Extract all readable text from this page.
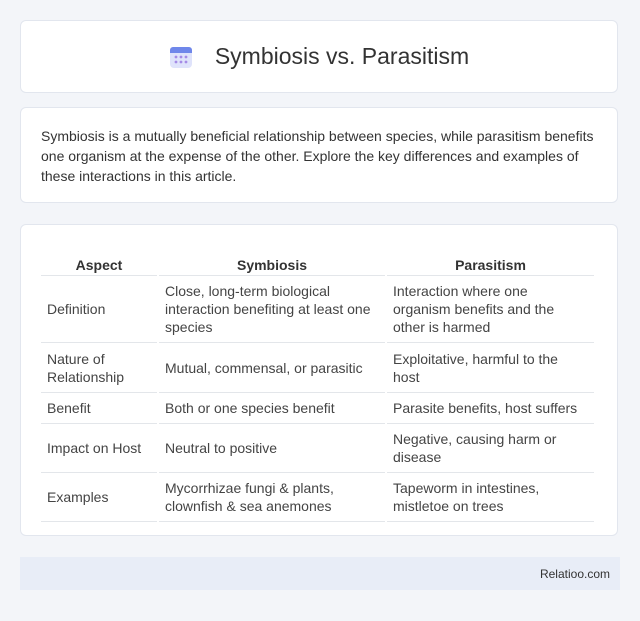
Symbiosis vs. Parasitism

Symbiosis is a mutually beneficial relationship between species, while parasitism benefits one organism at the expense of the other. Explore the key differences and examples of these interactions in this article.

Aspect	Symbiosis	Parasitism
Definition	Close, long-term biological interaction benefiting at least one species	Interaction where one organism benefits and the other is harmed
Nature of Relationship	Mutual, commensal, or parasitic	Exploitative, harmful to the host
Benefit	Both or one species benefit	Parasite benefits, host suffers
Impact on Host	Neutral to positive	Negative, causing harm or disease
Examples	Mycorrhizae fungi & plants, clownfish & sea anemones	Tapeworm in intestines, mistletoe on trees
Relatioo.com
